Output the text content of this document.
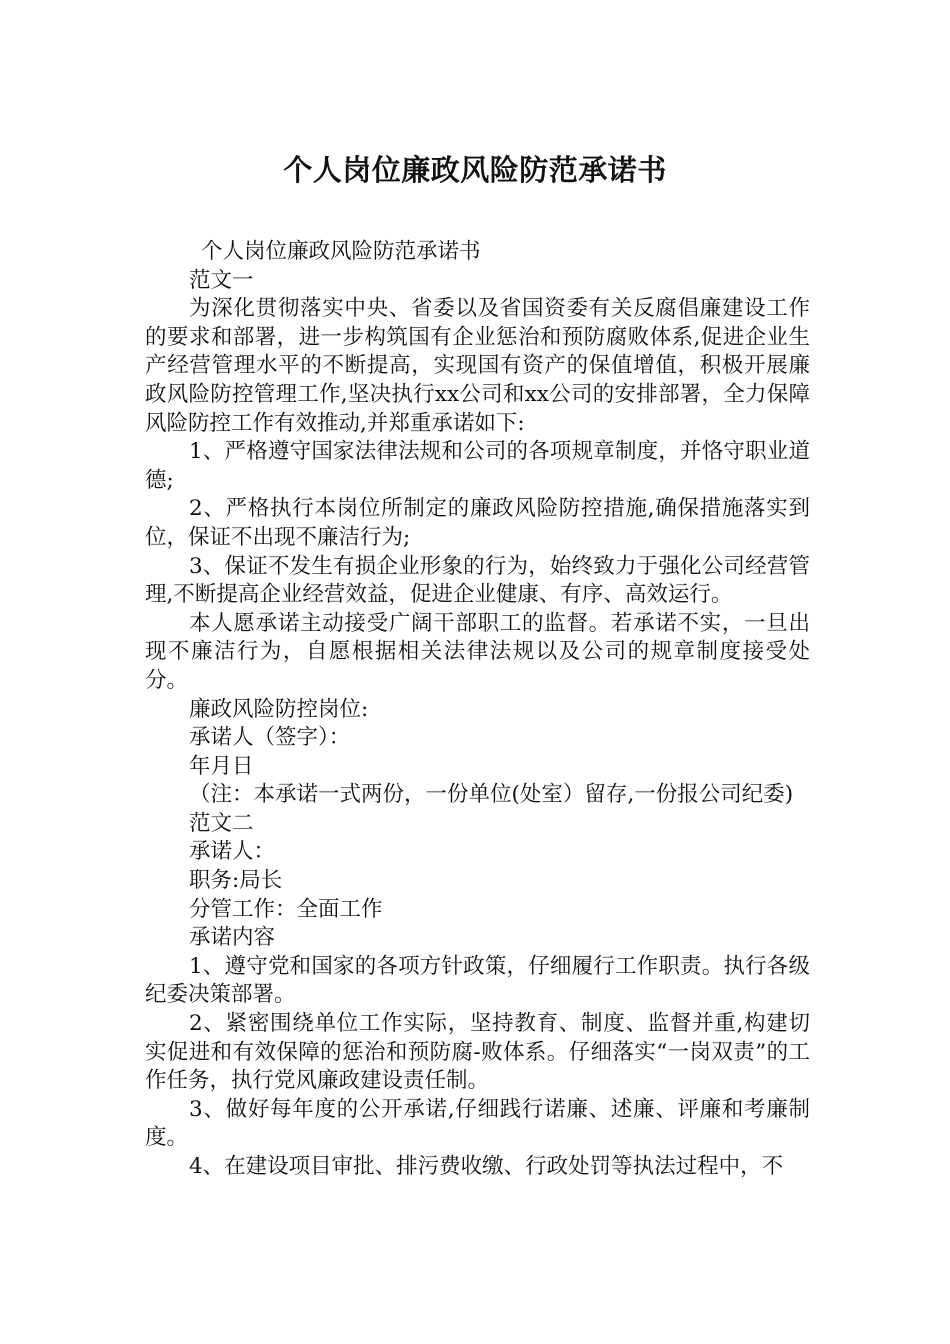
个人岗位廉政风险防范承诺书

个人岗位廉政风险防范承诺书

范文一

为深化贯彻落实中央、省委以及省国资委有关反腐倡廉建设工作的要求和部署，进一步构筑国有企业惩治和预防腐败体系,促进企业生产经营管理水平的不断提高，实现国有资产的保值增值，积极开展廉政风险防控管理工作,坚决执行xx公司和xx公司的安排部署，全力保障风险防控工作有效推动,并郑重承诺如下:

1、严格遵守国家法律法规和公司的各项规章制度，并恪守职业道德;

2、严格执行本岗位所制定的廉政风险防控措施,确保措施落实到位，保证不出现不廉洁行为;

3、保证不发生有损企业形象的行为，始终致力于强化公司经营管理,不断提高企业经营效益，促进企业健康、有序、高效运行。

本人愿承诺主动接受广阔干部职工的监督。若承诺不实，一旦出现不廉洁行为，自愿根据相关法律法规以及公司的规章制度接受处分。

廉政风险防控岗位:

承诺人（签字）：

年月日

（注：本承诺一式两份，一份单位(处室）留存,一份报公司纪委)

范文二

承诺人：

职务:局长

分管工作：全面工作

承诺内容

1、遵守党和国家的各项方针政策，仔细履行工作职责。执行各级纪委决策部署。

2、紧密围绕单位工作实际，坚持教育、制度、监督并重,构建切实促进和有效保障的惩治和预防腐-败体系。仔细落实“一岗双责”的工作任务，执行党风廉政建设责任制。

3、做好每年度的公开承诺,仔细践行诺廉、述廉、评廉和考廉制度。

4、在建设项目审批、排污费收缴、行政处罚等执法过程中，不
